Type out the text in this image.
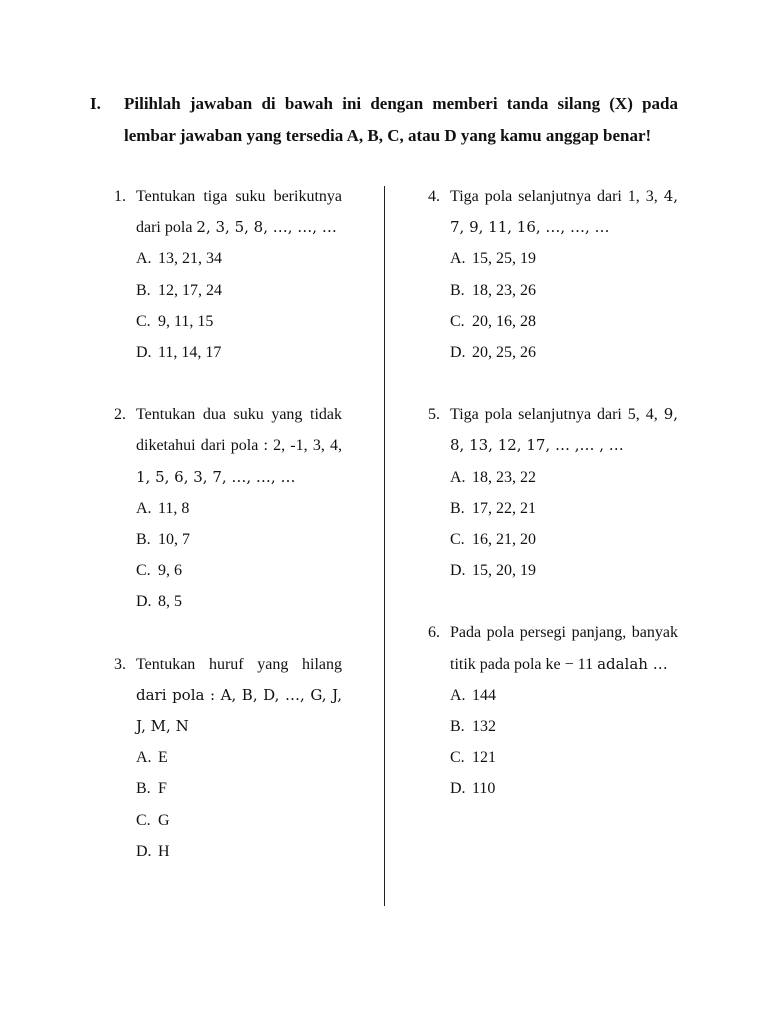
I. Pilihlah jawaban di bawah ini dengan memberi tanda silang (X) pada lembar jawaban yang tersedia A, B, C, atau D yang kamu anggap benar!
1. Tentukan tiga suku berikutnya dari pola 2, 3, 5, 8, …, …, …
A. 13, 21, 34
B. 12, 17, 24
C. 9, 11, 15
D. 11, 14, 17
2. Tentukan dua suku yang tidak diketahui dari pola : 2, -1, 3, 4, 1, 5, 6, 3, 7, …, …, …
A. 11, 8
B. 10, 7
C. 9, 6
D. 8, 5
3. Tentukan huruf yang hilang dari pola : A, B, D, …, G, J, J, M, N
A. E
B. F
C. G
D. H
4. Tiga pola selanjutnya dari 1, 3, 4, 7, 9, 11, 16, …, …, …
A. 15, 25, 19
B. 18, 23, 26
C. 20, 16, 28
D. 20, 25, 26
5. Tiga pola selanjutnya dari 5, 4, 9, 8, 13, 12, 17, … ,… , …
A. 18, 23, 22
B. 17, 22, 21
C. 16, 21, 20
D. 15, 20, 19
6. Pada pola persegi panjang, banyak titik pada pola ke − 11 adalah …
A. 144
B. 132
C. 121
D. 110
